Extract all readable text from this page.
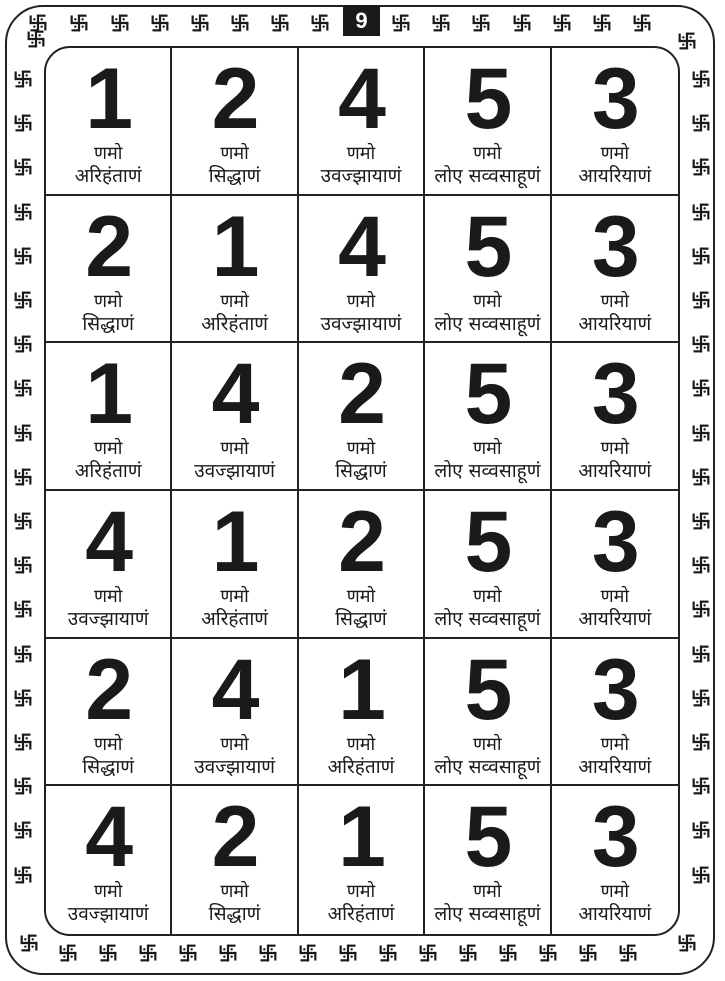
9
1
णमो
अरिहंताणं
2
णमो
सिद्धाणं
4
णमो
उवज्झायाणं
5
णमो
लोए सव्वसाहूणं
3
णमो
आयरियाणं
2
णमो
सिद्धाणं
1
णमो
अरिहंताणं
4
णमो
उवज्झायाणं
5
णमो
लोए सव्वसाहूणं
3
णमो
आयरियाणं
1
णमो
अरिहंताणं
4
णमो
उवज्झायाणं
2
णमो
सिद्धाणं
5
णमो
लोए सव्वसाहूणं
3
णमो
आयरियाणं
4
णमो
उवज्झायाणं
1
णमो
अरिहंताणं
2
णमो
सिद्धाणं
5
णमो
लोए सव्वसाहूणं
3
णमो
आयरियाणं
2
णमो
सिद्धाणं
4
णमो
उवज्झायाणं
1
णमो
अरिहंताणं
5
णमो
लोए सव्वसाहूणं
3
णमो
आयरियाणं
4
णमो
उवज्झायाणं
2
णमो
सिद्धाणं
1
णमो
अरिहंताणं
5
णमो
लोए सव्वसाहूणं
3
णमो
आयरियाणं
